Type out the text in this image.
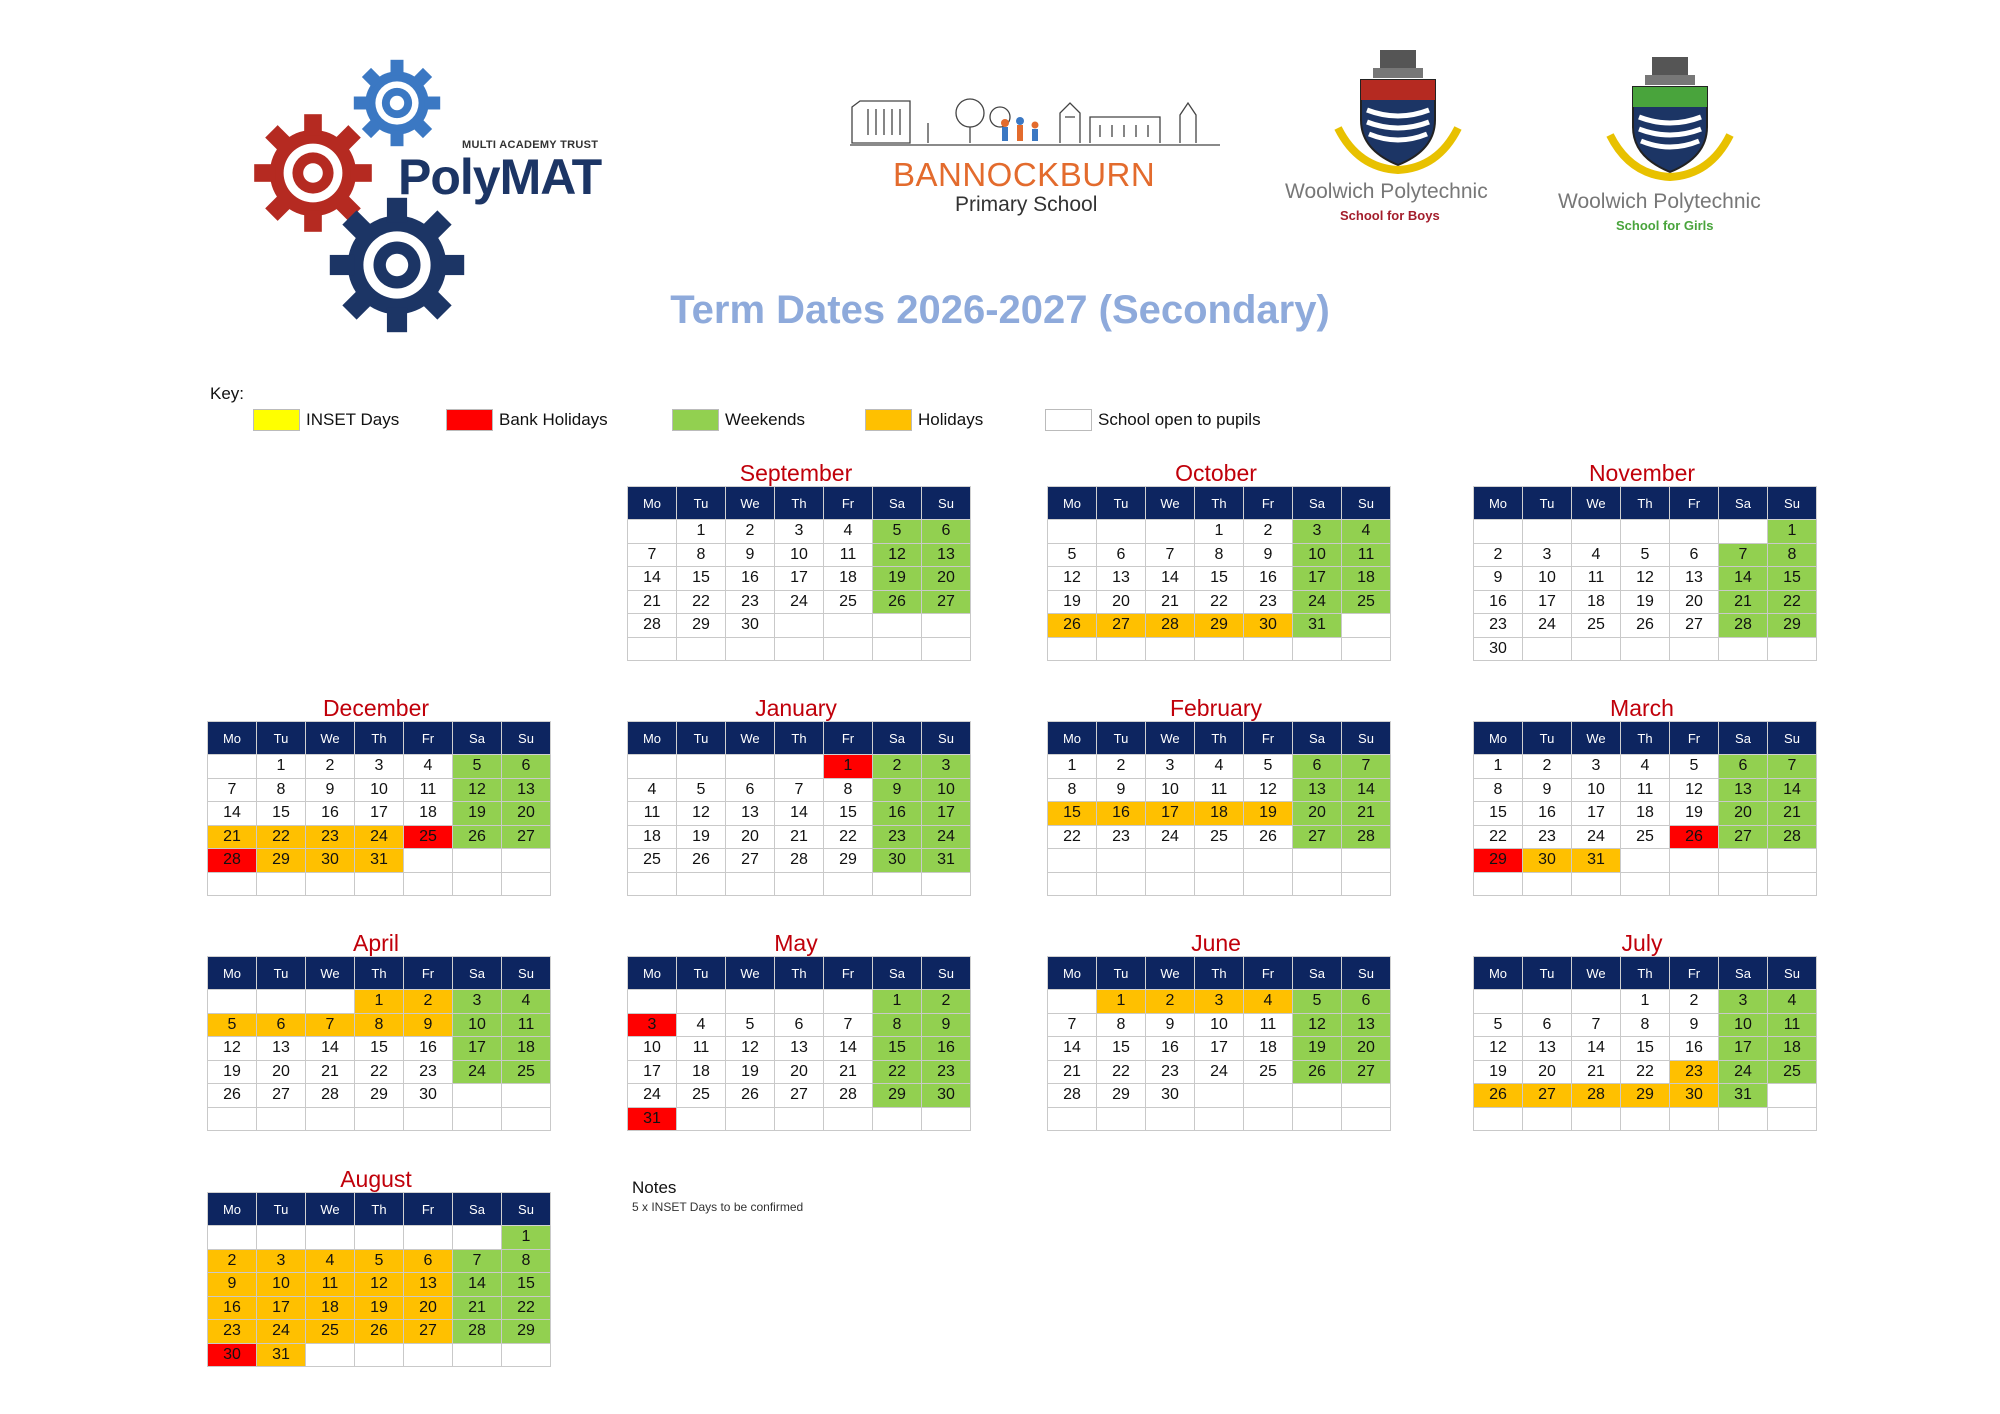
MULTI ACADEMY TRUST
PolyMAT	BANNOCKBURN
Primary School
Woolwich Polytechnic
School for Boys
Woolwich Polytechnic
School for Girls
Term Dates 2026-2027 (Secondary)
Key:
INSET Days	Bank Holidays	Weekends	Holidays	School open to pupils
September
Mo	Tu	We	Th	Fr	Sa	Su
	1	2	3	4	5	6
7	8	9	10	11	12	13
14	15	16	17	18	19	20
21	22	23	24	25	26	27
28	29	30				

October
Mo	Tu	We	Th	Fr	Sa	Su
			1	2	3	4
5	6	7	8	9	10	11
12	13	14	15	16	17	18
19	20	21	22	23	24	25
26	27	28	29	30	31	

November
Mo	Tu	We	Th	Fr	Sa	Su
						1
2	3	4	5	6	7	8
9	10	11	12	13	14	15
16	17	18	19	20	21	22
23	24	25	26	27	28	29
30						
December
Mo	Tu	We	Th	Fr	Sa	Su
	1	2	3	4	5	6
7	8	9	10	11	12	13
14	15	16	17	18	19	20
21	22	23	24	25	26	27
28	29	30	31			

January
Mo	Tu	We	Th	Fr	Sa	Su
				1	2	3
4	5	6	7	8	9	10
11	12	13	14	15	16	17
18	19	20	21	22	23	24
25	26	27	28	29	30	31

February
Mo	Tu	We	Th	Fr	Sa	Su
1	2	3	4	5	6	7
8	9	10	11	12	13	14
15	16	17	18	19	20	21
22	23	24	25	26	27	28

March
Mo	Tu	We	Th	Fr	Sa	Su
1	2	3	4	5	6	7
8	9	10	11	12	13	14
15	16	17	18	19	20	21
22	23	24	25	26	27	28
29	30	31				

April
Mo	Tu	We	Th	Fr	Sa	Su
			1	2	3	4
5	6	7	8	9	10	11
12	13	14	15	16	17	18
19	20	21	22	23	24	25
26	27	28	29	30		

May
Mo	Tu	We	Th	Fr	Sa	Su
					1	2
3	4	5	6	7	8	9
10	11	12	13	14	15	16
17	18	19	20	21	22	23
24	25	26	27	28	29	30
31						
June
Mo	Tu	We	Th	Fr	Sa	Su
	1	2	3	4	5	6
7	8	9	10	11	12	13
14	15	16	17	18	19	20
21	22	23	24	25	26	27
28	29	30				

July
Mo	Tu	We	Th	Fr	Sa	Su
			1	2	3	4
5	6	7	8	9	10	11
12	13	14	15	16	17	18
19	20	21	22	23	24	25
26	27	28	29	30	31	

August
Mo	Tu	We	Th	Fr	Sa	Su
						1
2	3	4	5	6	7	8
9	10	11	12	13	14	15
16	17	18	19	20	21	22
23	24	25	26	27	28	29
30	31					
Notes
5 x INSET Days to be confirmed
